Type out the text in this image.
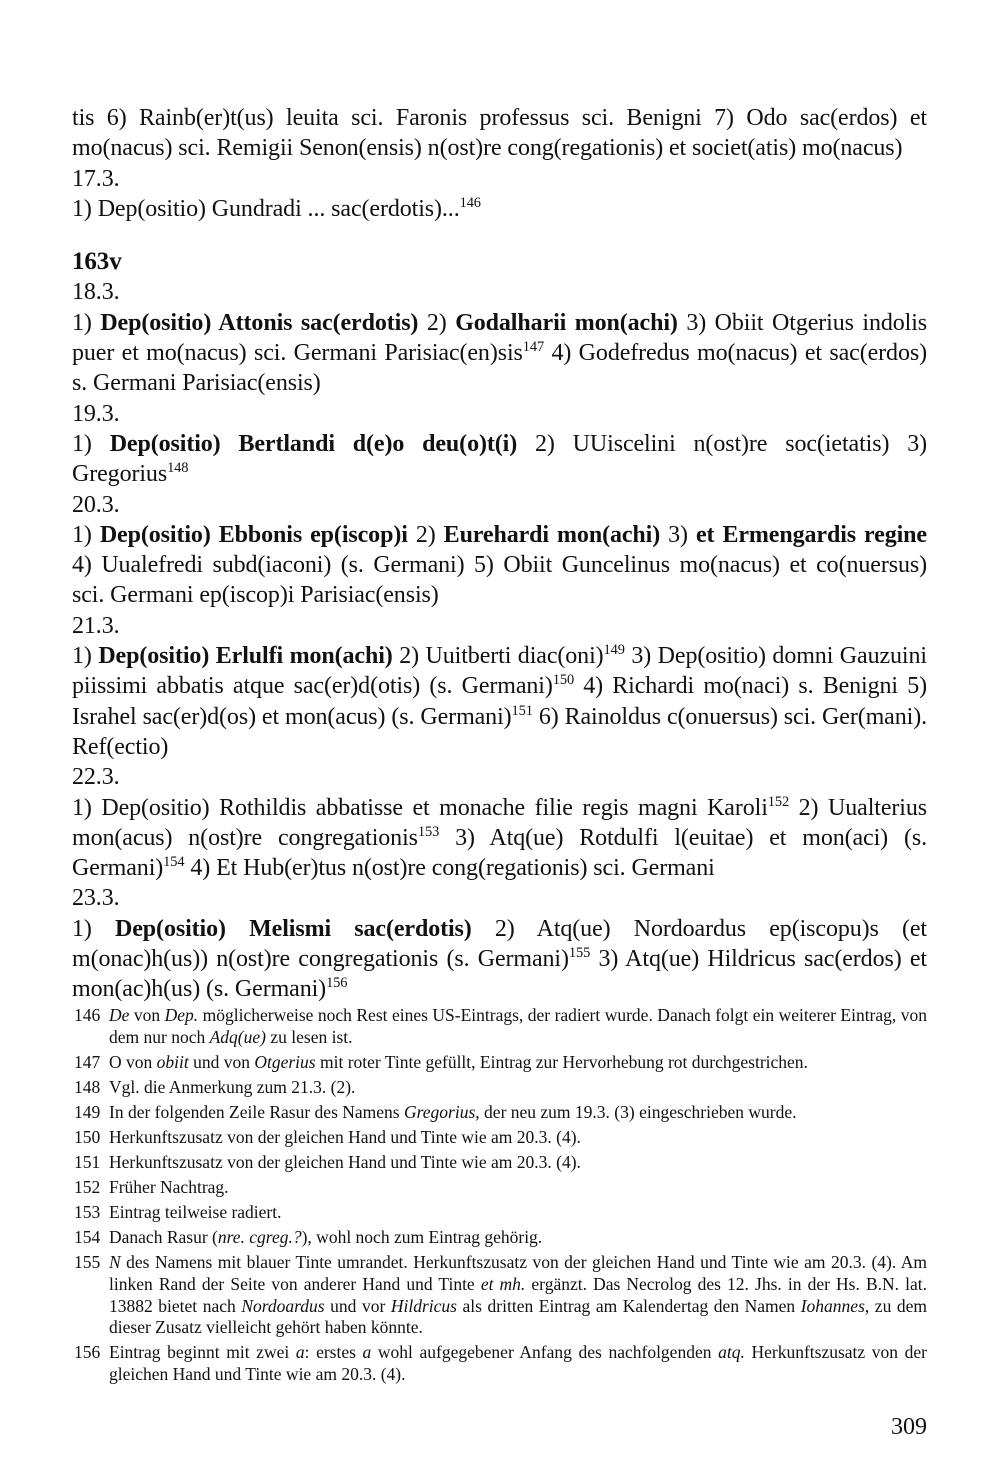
tis 6) Rainb(er)t(us) leuita sci. Faronis professus sci. Benigni 7) Odo sac(erdos) et mo(nacus) sci. Remigii Senon(ensis) n(ost)re cong(regationis) et societ(atis) mo(nacus)

17.3.

1) Dep(ositio) Gundradi ... sac(erdotis)...$^{146}$

163v

18.3.

1) Dep(ositio) Attonis sac(erdotis) 2) Godalharii mon(achi) 3) Obiit Otgerius indolis puer et mo(nacus) sci. Germani Parisiac(en)sis$^{147}$ 4) Godefredus mo(nacus) et sac(erdos) s. Germani Parisiac(ensis)

19.3.

1) Dep(ositio) Bertlandi d(e)o deu(o)t(i) 2) UUiscelini n(ost)re soc(ietatis) 3) Gregorius$^{148}$

20.3.

1) Dep(ositio) Ebbonis ep(iscop)i 2) Eurehardi mon(achi) 3) et Ermengardis regine 4) Uualefredi subd(iaconi) (s. Germani) 5) Obiit Guncelinus mo(nacus) et co(nuersus) sci. Germani ep(iscop)i Parisiac(ensis)

21.3.

1) Dep(ositio) Erlulfi mon(achi) 2) Uuitberti diac(oni)$^{149}$ 3) Dep(ositio) domni Gauzuini piissimi abbatis atque sac(er)d(otis) (s. Germani)$^{150}$ 4) Richardi mo(naci) s. Benigni 5) Israhel sac(er)d(os) et mon(acus) (s. Germani)$^{151}$ 6) Rainoldus c(onuersus) sci. Ger(mani). Ref(ectio)

22.3.

1) Dep(ositio) Rothildis abbatisse et monache filie regis magni Karoli$^{152}$ 2) Uualterius mon(acus) n(ost)re congregationis$^{153}$ 3) Atq(ue) Rotdulfi l(euitae) et mon(aci) (s. Germani)$^{154}$ 4) Et Hub(er)tus n(ost)re cong(regationis) sci. Germani

23.3.

1) Dep(ositio) Melismi sac(erdotis) 2) Atq(ue) Nordoardus ep(iscopu)s (et m(onac)h(us)) n(ost)re congregationis (s. Germani)$^{155}$ 3) Atq(ue) Hildricus sac(erdos) et mon(ac)h(us) (s. Germani)$^{156}$

146 De von Dep. möglicherweise noch Rest eines US-Eintrags, der radiert wurde. Danach folgt ein weiterer Eintrag, von dem nur noch Adq(ue) zu lesen ist.

147 O von obiit und von Otgerius mit roter Tinte gefüllt, Eintrag zur Hervorhebung rot durchgestrichen.

148 Vgl. die Anmerkung zum 21.3. (2).

149 In der folgenden Zeile Rasur des Namens Gregorius, der neu zum 19.3. (3) eingeschrieben wurde.

150 Herkunftszusatz von der gleichen Hand und Tinte wie am 20.3. (4).

151 Herkunftszusatz von der gleichen Hand und Tinte wie am 20.3. (4).

152 Früher Nachtrag.

153 Eintrag teilweise radiert.

154 Danach Rasur (nre. cgreg.?), wohl noch zum Eintrag gehörig.

155 N des Namens mit blauer Tinte umrandet. Herkunftszusatz von der gleichen Hand und Tinte wie am 20.3. (4). Am linken Rand der Seite von anderer Hand und Tinte et mh. ergänzt. Das Necrolog des 12. Jhs. in der Hs. B.N. lat. 13882 bietet nach Nordoardus und vor Hildricus als dritten Eintrag am Kalendertag den Namen Iohannes, zu dem dieser Zusatz vielleicht gehört haben könnte.

156 Eintrag beginnt mit zwei a: erstes a wohl aufgegebener Anfang des nachfolgenden atq. Herkunftszusatz von der gleichen Hand und Tinte wie am 20.3. (4).

309
